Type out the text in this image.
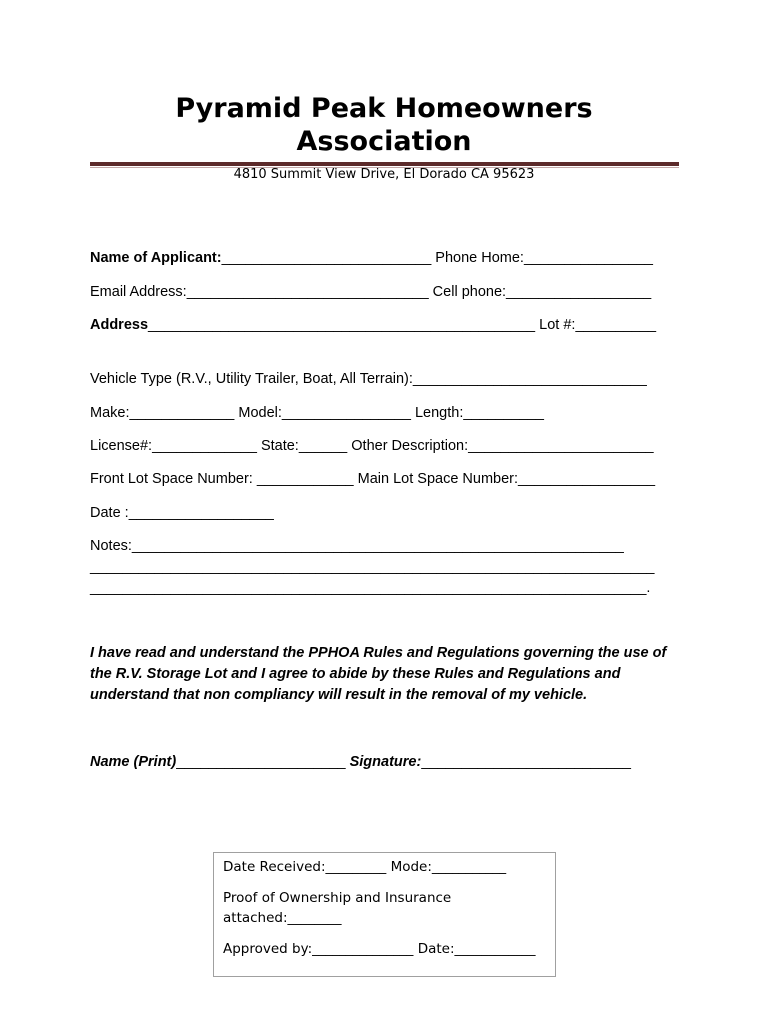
Pyramid Peak Homeowners
Association
4810 Summit View Drive, El Dorado CA 95623
Name of Applicant:__________________________ Phone Home:________________
Email Address:______________________________ Cell phone:__________________
Address________________________________________________ Lot #:__________
Vehicle Type (R.V., Utility Trailer, Boat, All Terrain):_____________________________
Make:_____________ Model:________________ Length:__________
License#:_____________ State:______ Other Description:_______________________
Front Lot Space Number: ____________ Main Lot Space Number:_________________
Date :__________________
Notes:_____________________________________________________________
______________________________________________________________________
_____________________________________________________________________.
I have read and understand the PPHOA Rules and Regulations governing the use of the R.V. Storage Lot and I agree to abide by these Rules and Regulations and understand that non compliancy will result in the removal of my vehicle.
Name (Print)_____________________ Signature:__________________________

Date Received:_________ Mode:___________

Proof of Ownership and Insurance attached:________

Approved by:_______________ Date:____________
